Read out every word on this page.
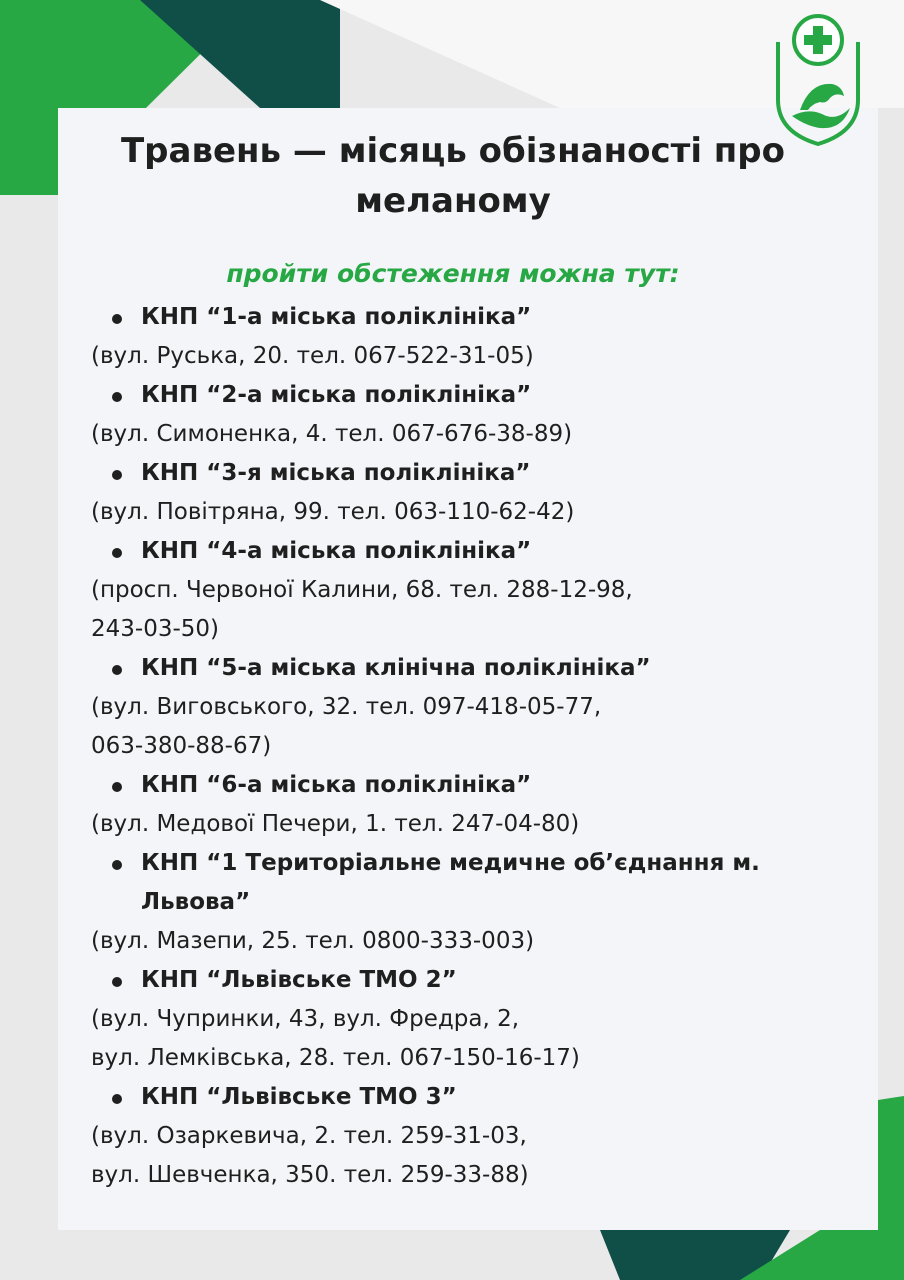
Травень — місяць обізнаності про
меланому

пройти обстеження можна тут:

КНП “1-а міська поліклініка”
(вул. Руська, 20. тел. 067-522-31-05)
КНП “2-а міська поліклініка”
(вул. Симоненка, 4. тел. 067-676-38-89)
КНП “3-я міська поліклініка”
(вул. Повітряна, 99. тел. 063-110-62-42)
КНП “4-а міська поліклініка”
(просп. Червоної Калини, 68. тел. 288-12-98,
243-03-50)
КНП “5-а міська клінічна поліклініка”
(вул. Виговського, 32. тел. 097-418-05-77,
063-380-88-67)
КНП “6-а міська поліклініка”
(вул. Медової Печери, 1. тел. 247-04-80)
КНП “1 Територіальне медичне об’єднання м. Львова”
(вул. Мазепи, 25. тел. 0800-333-003)
КНП “Львівське ТМО 2”
(вул. Чупринки, 43, вул. Фредра, 2,
вул. Лемківська, 28. тел. 067-150-16-17)
КНП “Львівське ТМО 3”
(вул. Озаркевича, 2. тел. 259-31-03,
вул. Шевченка, 350. тел. 259-33-88)
